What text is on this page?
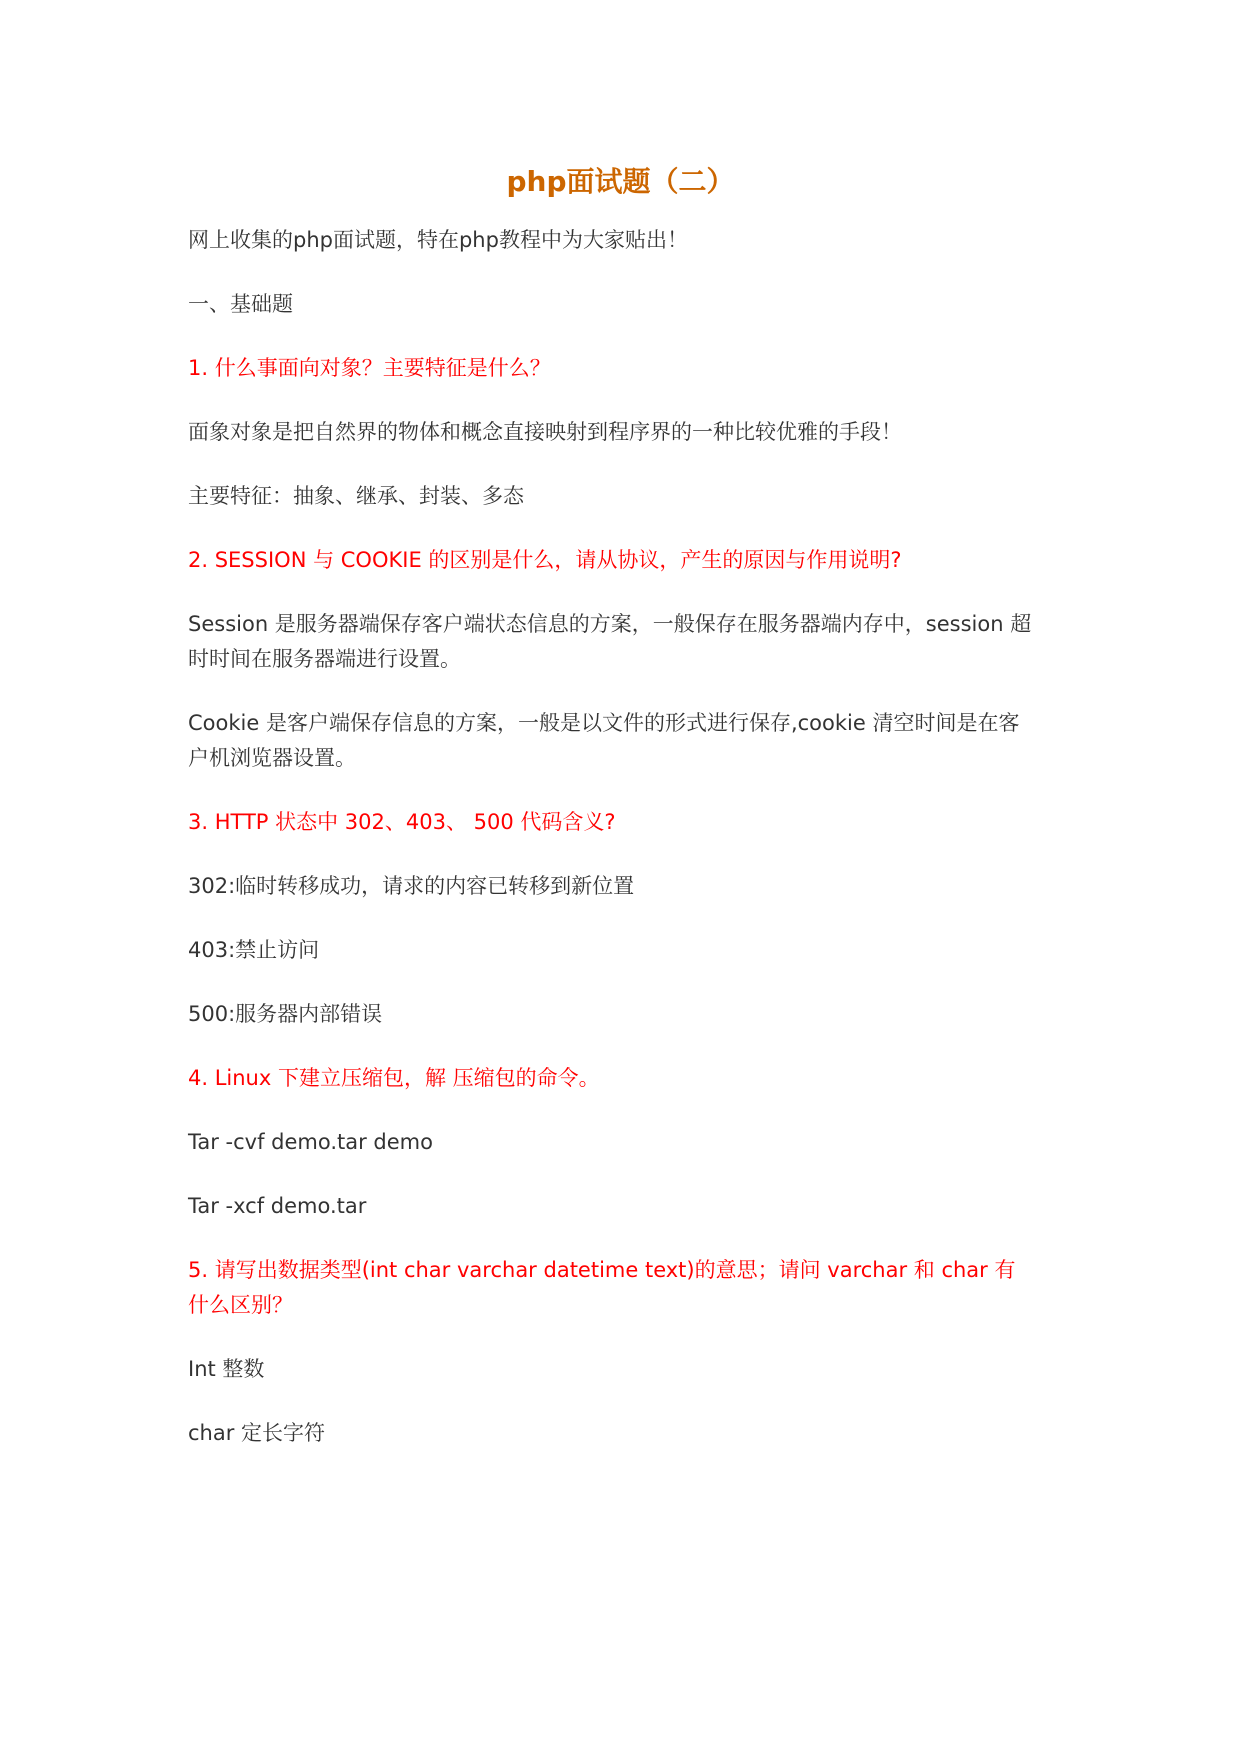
php面试题（二）
网上收集的php面试题，特在php教程中为大家贴出！
一、基础题
1. 什么事面向对象？主要特征是什么？
面象对象是把自然界的物体和概念直接映射到程序界的一种比较优雅的手段！
主要特征：抽象、继承、封装、多态
2. SESSION 与 COOKIE 的区别是什么，请从协议，产生的原因与作用说明?
Session 是服务器端保存客户端状态信息的方案，一般保存在服务器端内存中，session 超
时时间在服务器端进行设置。
Cookie 是客户端保存信息的方案，一般是以文件的形式进行保存,cookie 清空时间是在客
户机浏览器设置。
3. HTTP 状态中 302、403、 500 代码含义?
302:临时转移成功，请求的内容已转移到新位置
403:禁止访问
500:服务器内部错误
4. Linux 下建立压缩包，解 压缩包的命令。
Tar -cvf demo.tar demo
Tar -xcf demo.tar
5. 请写出数据类型(int char varchar datetime text)的意思；请问 varchar 和 char 有
什么区别？
Int 整数
char 定长字符
